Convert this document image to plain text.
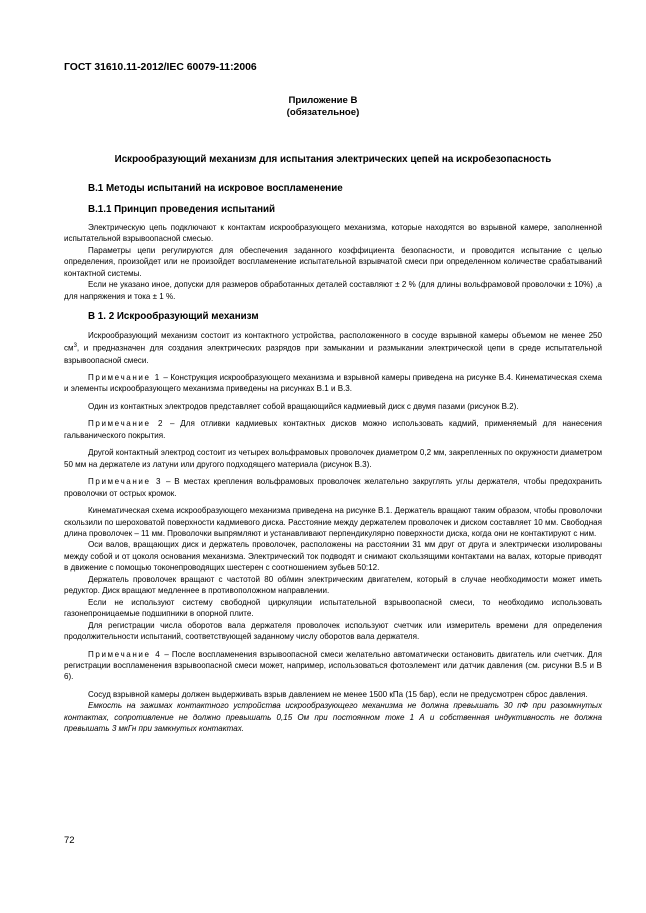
ГОСТ 31610.11-2012/IEC 60079-11:2006
Приложение В
(обязательное)
Искрообразующий механизм для испытания электрических цепей на искробезопасность
В.1 Методы испытаний на искровое воспламенение
В.1.1 Принцип проведения испытаний

Электрическую цепь подключают к контактам искрообразующего механизма, которые находятся во взрывной камере, заполненной испытательной взрывоопасной смесью.

Параметры цепи регулируются для обеспечения заданного коэффициента безопасности, и проводится испытание с целью определения, произойдет или не произойдет воспламенение испытательной взрывчатой смеси при определенном количестве срабатываний контактной системы.

Если не указано иное, допуски для размеров обработанных деталей составляют ± 2 % (для длины вольфрамовой проволочки ± 10%) ,а для напряжения и тока ± 1 %.

В 1. 2 Искрообразующий механизм

Искрообразующий механизм состоит из контактного устройства, расположенного в сосуде взрывной камеры объемом не менее 250 $см^3$, и предназначен для создания электрических разрядов при замыкании и размыкании электрической цепи в среде испытательной взрывоопасной смеси.

Примечание 1 – Конструкция искрообразующего механизма и взрывной камеры приведена на рисунке В.4. Кинематическая схема и элементы искрообразующего механизма приведены на рисунках В.1 и В.3.

Один из контактных электродов представляет собой вращающийся кадмиевый диск с двумя пазами (рисунок В.2).

Примечание 2 – Для отливки кадмиевых контактных дисков можно использовать кадмий, применяемый для нанесения гальванического покрытия.

Другой контактный электрод состоит из четырех вольфрамовых проволочек диаметром 0,2 мм, закрепленных по окружности диаметром 50 мм на держателе из латуни или другого подходящего материала (рисунок В.3).

Примечание 3 – В местах крепления вольфрамовых проволочек желательно закруглять углы держателя, чтобы предохранить проволочки от острых кромок.

Кинематическая схема искрообразующего механизма приведена на рисунке В.1. Держатель вращают таким образом, чтобы проволочки скользили по шероховатой поверхности кадмиевого диска. Расстояние между держателем проволочек и диском составляет 10 мм. Свободная длина проволочек – 11 мм. Проволочки выпрямляют и устанавливают перпендикулярно поверхности диска, когда они не контактируют с ним.

Оси валов, вращающих диск и держатель проволочек, расположены на расстоянии 31 мм друг от друга и электрически изолированы между собой и от цоколя основания механизма. Электрический ток подводят и снимают скользящими контактами на валах, которые приводят в движение с помощью токонепроводящих шестерен с соотношением зубьев 50:12.

Держатель проволочек вращают с частотой 80 об/мин электрическим двигателем, который в случае необходимости может иметь редуктор. Диск вращают медленнее в противоположном направлении.

Если не используют систему свободной циркуляции испытательной взрывоопасной смеси, то необходимо использовать газонепроницаемые подшипники в опорной плите.

Для регистрации числа оборотов вала держателя проволочек используют счетчик или измеритель времени для определения продолжительности испытаний, соответствующей заданному числу оборотов вала держателя.

Примечание 4 – После воспламенения взрывоопасной смеси желательно автоматически остановить двигатель или счетчик. Для регистрации воспламенения взрывоопасной смеси может, например, использоваться фотоэлемент или датчик давления (см. рисунки В.5 и В 6).

Сосуд взрывной камеры должен выдерживать взрыв давлением не менее 1500 кПа (15 бар), если не предусмотрен сброс давления.

Емкость на зажимах контактного устройства искрообразующего механизма не должна превышать 30 пФ при разомкнутых контактах, сопротивление не должно превышать 0,15 Ом при постоянном токе 1 А и собственная индуктивность не должна превышать 3 мкГн при замкнутых контактах.

72
